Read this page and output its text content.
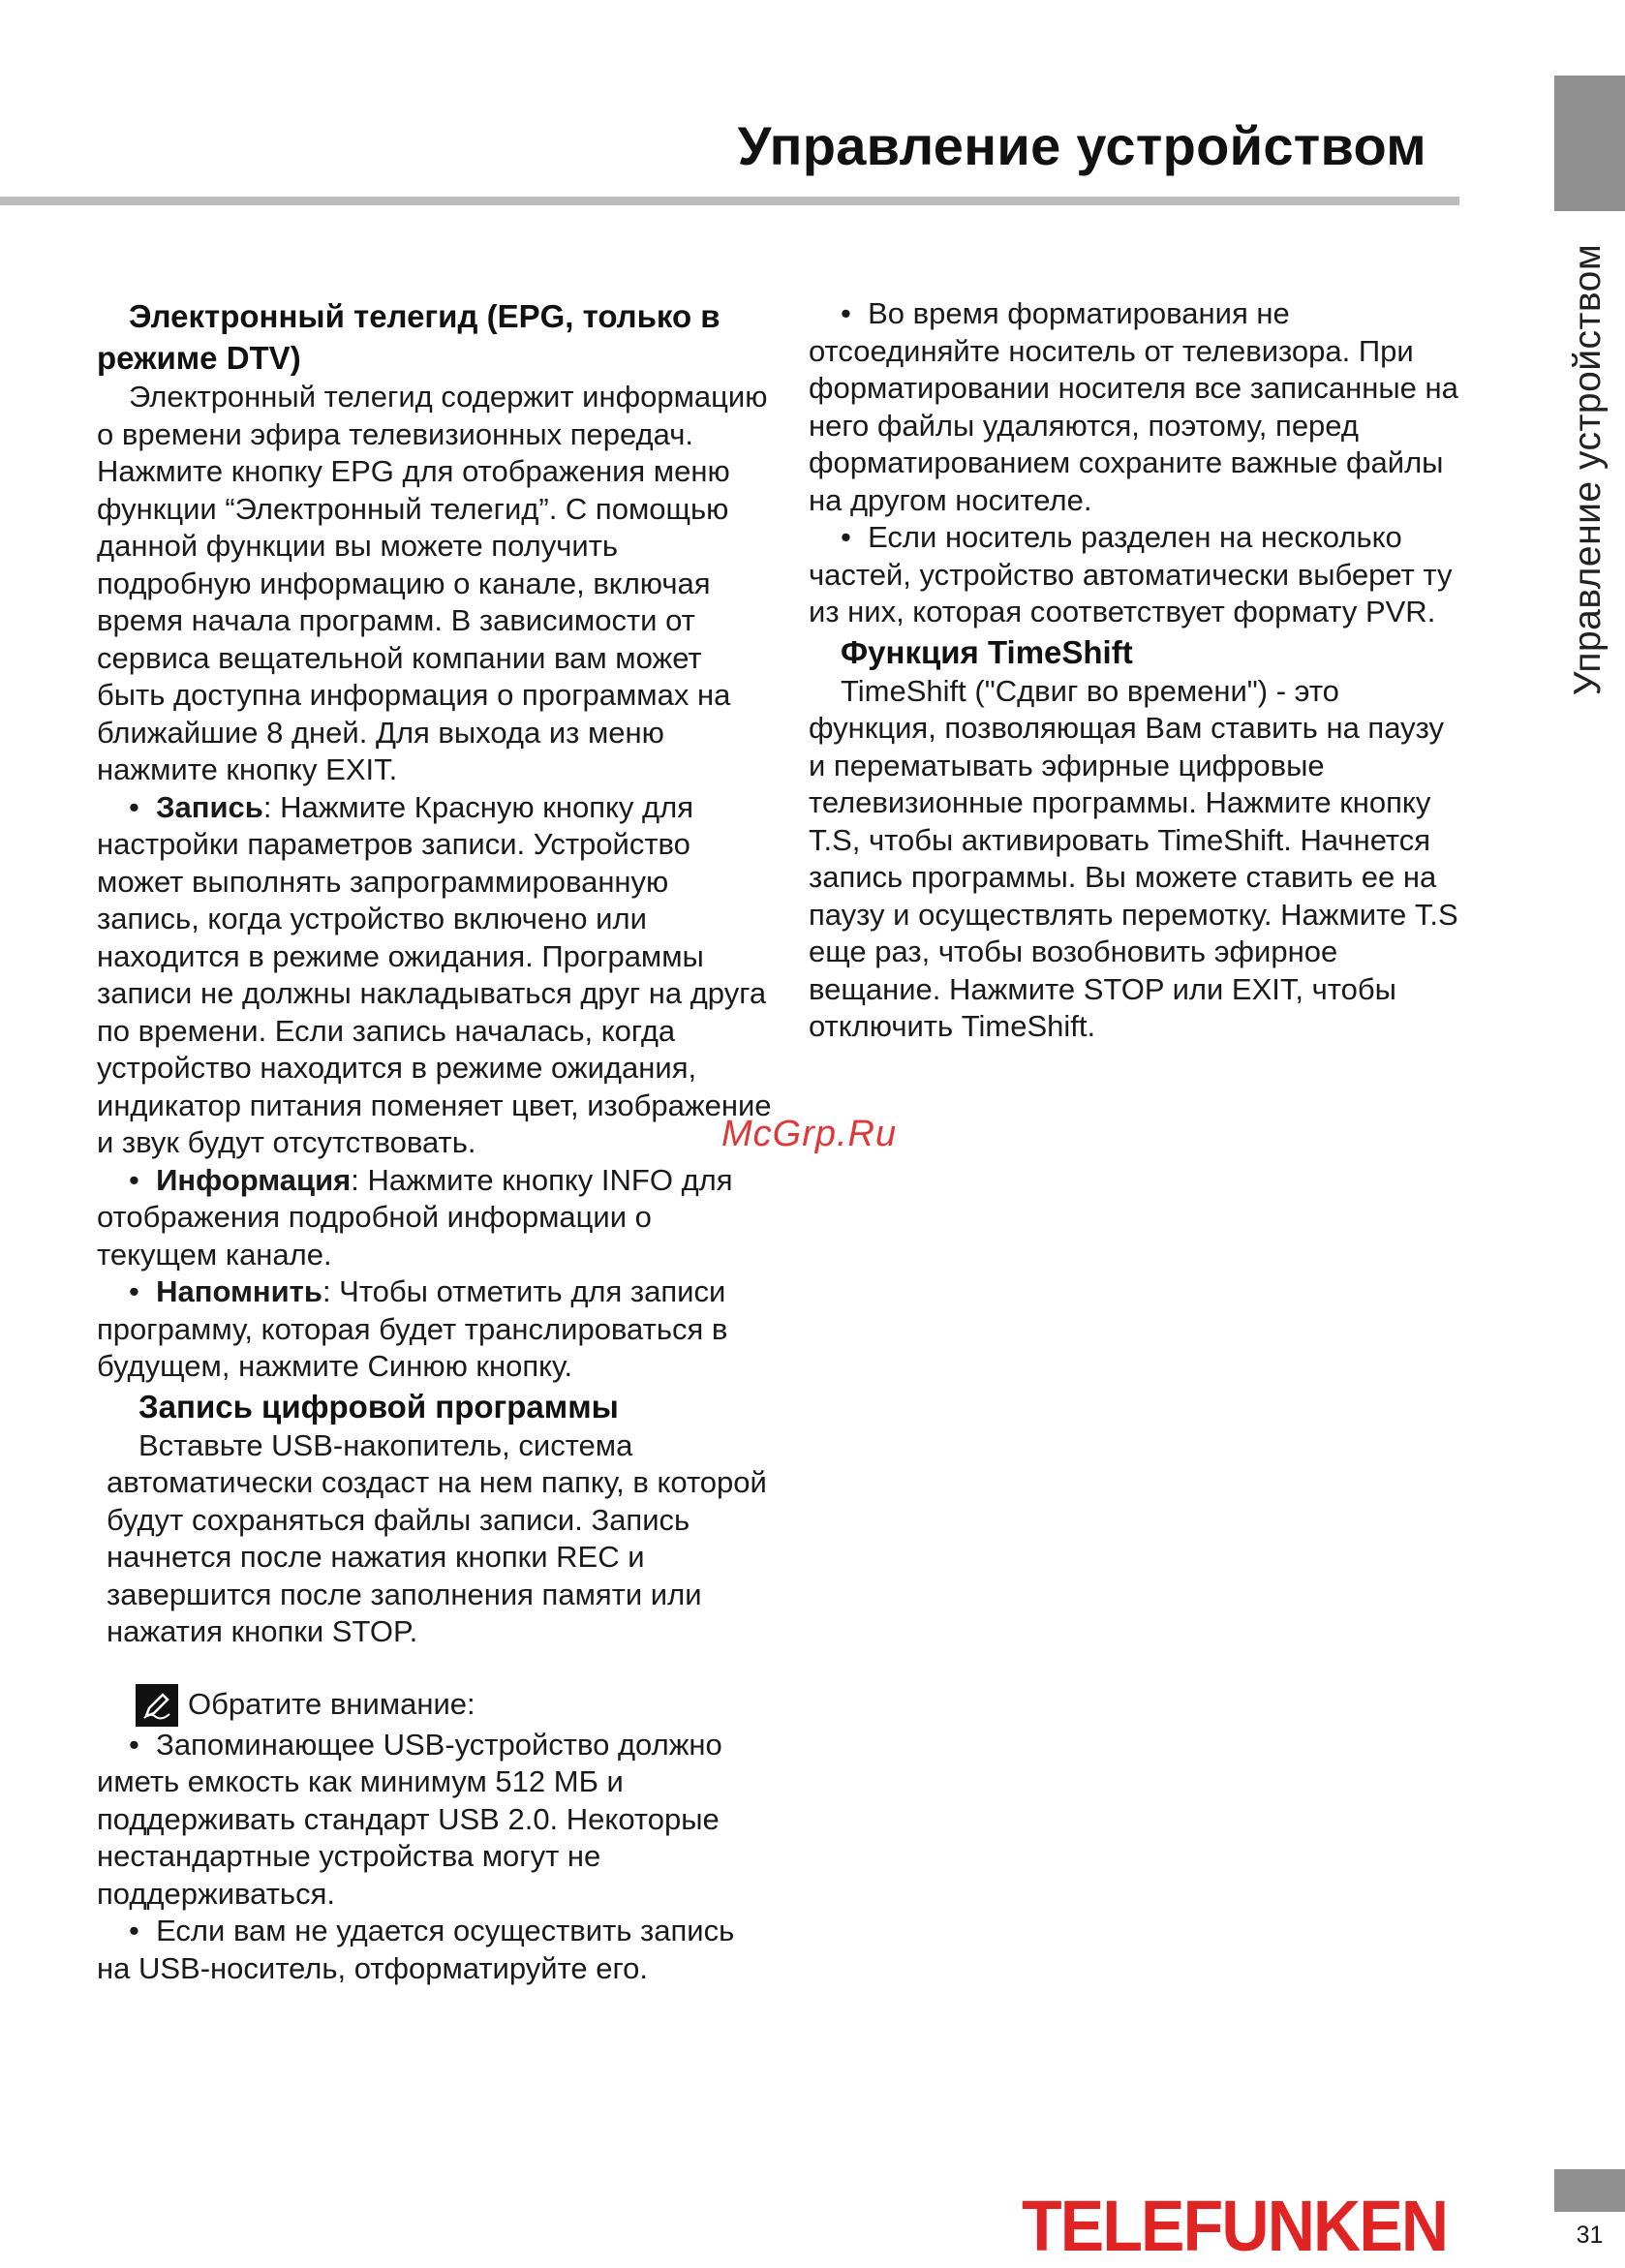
Управление устройством
31
Управление устройством
Электронный телегид (EPG, только в режиме DTV)

Электронный телегид содержит информацию о времени эфира телевизионных передач. Нажмите кнопку EPG для отображения меню функции “Электронный телегид”. С помощью данной функции вы можете получить подробную информацию о канале, включая время начала программ. В зависимости от сервиса вещательной компании вам может быть доступна информация о программах на ближайшие 8 дней. Для выхода из меню нажмите кнопку EXIT.

•  Запись: Нажмите Красную кнопку для настройки параметров записи. Устройство может выполнять запрограммированную запись, когда устройство включено или находится в режиме ожидания. Программы записи не должны накладываться друг на друга по времени. Если запись началась, когда устройство находится в режиме ожидания, индикатор питания поменяет цвет, изображение и звук будут отсутствовать.

•  Информация: Нажмите кнопку INFO для отображения подробной информации о текущем канале.

•  Напомнить: Чтобы отметить для записи программу, которая будет транслироваться в будущем, нажмите Синюю кнопку.

Запись цифровой программы

Вставьте USB-накопитель, система автоматически создаст на нем папку, в которой будут сохраняться файлы записи. Запись начнется после нажатия кнопки REC и завершится после заполнения памяти или нажатия кнопки STOP.

Обратите внимание:

•  Запоминающее USB-устройство должно иметь емкость как минимум 512 МБ и поддерживать стандарт USB 2.0. Некоторые нестандартные устройства могут не поддерживаться.

•  Если вам не удается осуществить запись на USB-носитель, отформатируйте его.

•  Во время форматирования не отсоединяйте носитель от телевизора. При форматировании носителя все записанные на него файлы удаляются, поэтому, перед форматированием сохраните важные файлы на другом носителе.

•  Если носитель разделен на несколько частей, устройство автоматически выберет ту из них, которая соответствует формату PVR.

Функция TimeShift

TimeShift ("Сдвиг во времени") - это функция, позволяющая Вам ставить на паузу и перематывать эфирные цифровые телевизионные программы. Нажмите кнопку T.S, чтобы активировать TimeShift. Начнется запись программы. Вы можете ставить ее на паузу и осуществлять перемотку. Нажмите T.S еще раз, чтобы возобновить эфирное вещание. Нажмите STOP или EXIT, чтобы отключить TimeShift.

McGrp.Ru
TELEFUNKEN
